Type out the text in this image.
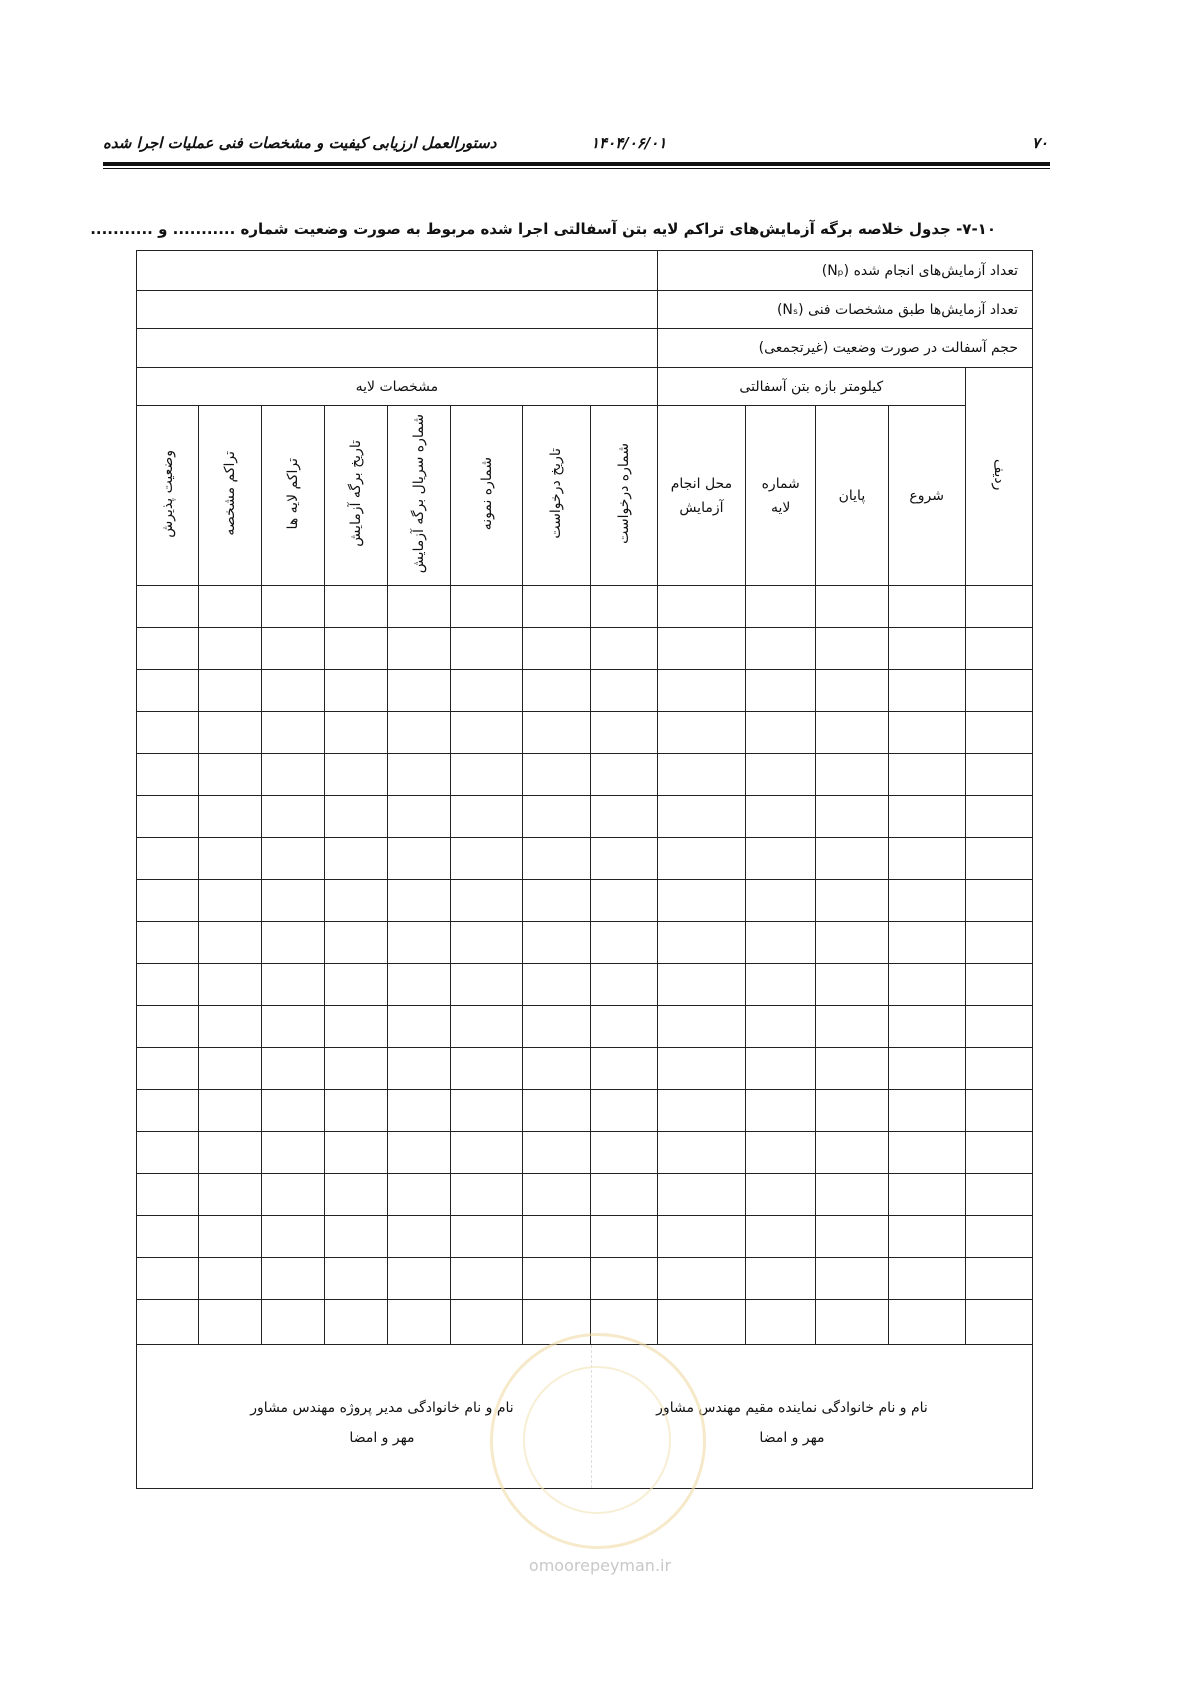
دستورالعمل ارزیابی کیفیت و مشخصات فنی عملیات اجرا شده	۱۴۰۴/۰۶/۰۱	۷۰
۷-۱۰- جدول خلاصه برگه آزمایش‌های تراکم لایه بتن آسفالتی اجرا شده مربوط به صورت وضعیت شماره ........... و ...........
تعداد آزمایش‌های انجام شده (Nₚ)												
تعداد آزمایش‌ها طبق مشخصات فنی (Nₛ)												
حجم آسفالت در صورت وضعیت (غیرتجمعی)												
ردیف	کیلومتر بازه بتن آسفالتی				مشخصات لایه							
	شروع	پایان	شماره لایه	محل انجام آزمایش	شماره درخواست	تاریخ درخواست	شماره نمونه	شماره سریال برگه آزمایش	تاریخ برگه آزمایش	تراکم لایه ها	تراکم مشخصه	وضعیت پذیرش

نام و نام خانوادگی نماینده مقیم مهندس مشاور
مهر و امضا
نام و نام خانوادگی مدیر پروژه مهندس مشاور
مهر و امضا												
omoorepeyman.ir
